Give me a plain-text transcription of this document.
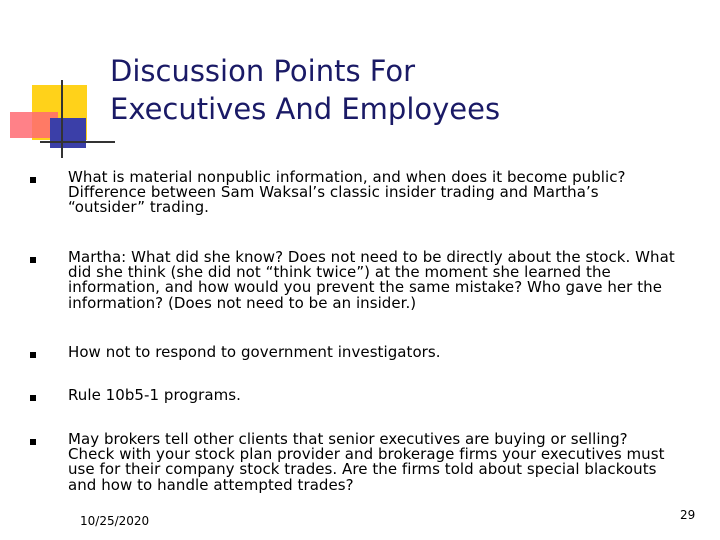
Discussion Points For
Executives And Employees
What is material nonpublic information, and when does it become public? Difference between Sam Waksal’s classic insider trading and Martha’s “outsider” trading.
Martha: What did she know? Does not need to be directly about the stock. What did she think (she did not “think twice”) at the moment she learned the information, and how would you prevent the same mistake? Who gave her the information? (Does not need to be an insider.)
How not to respond to government investigators.
Rule 10b5-1 programs.
May brokers tell other clients that senior executives are buying or selling? Check with your stock plan provider and brokerage firms your executives must use for their company stock trades. Are the firms told about special blackouts and how to handle attempted trades?
10/25/2020	29
